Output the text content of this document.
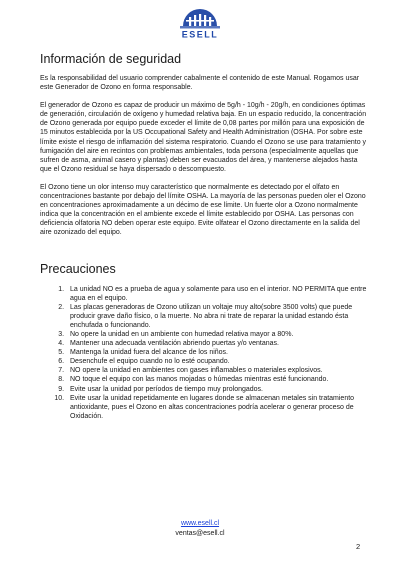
ESELL
Información de seguridad

Es la responsabilidad del usuario comprender cabalmente el contenido de este Manual. Rogamos usar este Generador de Ozono en forma responsable.

El generador de Ozono es capaz de producir un máximo de 5g/h - 10g/h - 20g/h, en condiciones óptimas de generación, circulación de oxígeno y humedad relativa baja. En un espacio reducido, la concentración de Ozono generada por equipo puede exceder el límite de 0,08 partes por millón para una exposición de 15 minutos establecida por la US Occupational Safety and Health Administration (OSHA. Por sobre este límite existe el riesgo de inflamación del sistema respiratorio. Cuando el Ozono se use para tratamiento y fumigación del aire en recintos con problemas ambientales, toda persona (especialmente aquellas que sufren de asma, animal casero y plantas) deben ser evacuados del área, y mantenerse alejados hasta que el Ozono residual se haya dispersado o descompuesto.

El Ozono tiene un olor intenso muy característico que normalmente es detectado por el olfato en concentraciones bastante por debajo del límite OSHA. La mayoría de las personas pueden oler el Ozono en concentraciones aproximadamente a un décimo de ese límite. Un fuerte olor a Ozono normalmente indica que la concentración en el ambiente excede el límite establecido por OSHA. Las personas con deficiencia olfatoria NO deben operar este equipo. Evite olfatear el Ozono directamente en la salida del aire ozonizado del equipo.

Precauciones
1. La unidad NO es a prueba de agua y solamente para uso en el interior. NO PERMITA que entre agua en el equipo.
2. Las placas generadoras de Ozono utilizan un voltaje muy alto(sobre 3500 volts) que puede producir grave daño físico, o la muerte. No abra ni trate de reparar la unidad estando ésta enchufada o funcionando.
3. No opere la unidad en un ambiente con humedad relativa mayor a 80%.
4. Mantener una adecuada ventilación abriendo puertas y/o ventanas.
5. Mantenga la unidad fuera del alcance de los niños.
6. Desenchufe el equipo cuando no lo esté ocupando.
7. NO opere la unidad en ambientes con gases inflamables o materiales explosivos.
8. NO toque el equipo con las manos mojadas o húmedas mientras esté funcionando.
9. Evite usar la unidad por períodos de tiempo muy prolongados.
10. Evite usar la unidad repetidamente en lugares donde se almacenan metales sin tratamiento antioxidante, pues el Ozono en altas concentraciones podría acelerar o generar proceso de Oxidación.
www.esell.cl
ventas@esell.cl
2
